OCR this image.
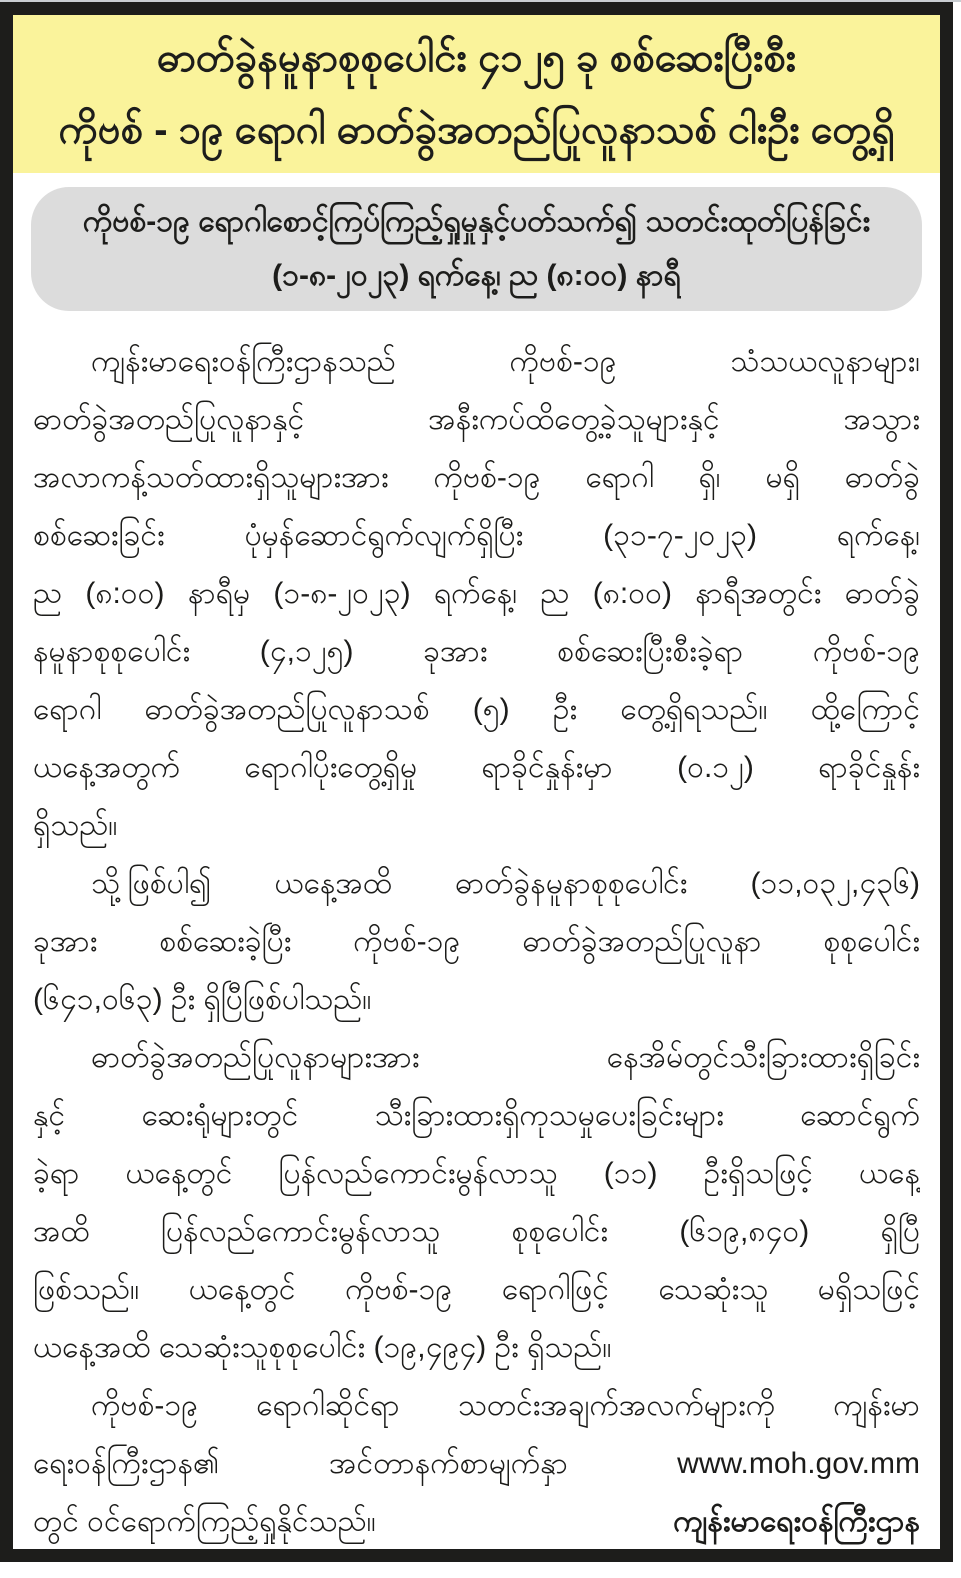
ဓာတ်ခွဲနမူနာစုစုပေါင်း ၄၁၂၅ ခု စစ်ဆေးပြီးစီး
ကိုဗစ် - ၁၉ ရောဂါ ဓာတ်ခွဲအတည်ပြုလူနာသစ် ငါးဦး တွေ့ရှိ
ကိုဗစ်-၁၉ ရောဂါစောင့်ကြပ်ကြည့်ရှုမှုနှင့်ပတ်သက်၍ သတင်းထုတ်ပြန်ခြင်း
(၁-၈-၂၀၂၃) ရက်နေ့၊ ည (၈:၀၀) နာရီ
ကျန်းမာရေးဝန်ကြီးဌာနသည် ကိုဗစ်-၁၉ သံသယလူနာများ၊
ဓာတ်ခွဲအတည်ပြုလူနာနှင့် အနီးကပ်ထိတွေ့ခဲ့သူများနှင့် အသွား
အလာကန့်သတ်ထားရှိသူများအား ကိုဗစ်-၁၉ ရောဂါ ရှိ၊ မရှိ ဓာတ်ခွဲ
စစ်ဆေးခြင်း ပုံမှန်ဆောင်ရွက်လျက်ရှိပြီး (၃၁-၇-၂၀၂၃) ရက်နေ့၊
ည (၈:၀၀) နာရီမှ (၁-၈-၂၀၂၃) ရက်နေ့၊ ည (၈:၀၀) နာရီအတွင်း ဓာတ်ခွဲ
နမူနာစုစုပေါင်း (၄,၁၂၅) ခုအား စစ်ဆေးပြီးစီးခဲ့ရာ ကိုဗစ်-၁၉
ရောဂါ ဓာတ်ခွဲအတည်ပြုလူနာသစ် (၅) ဦး တွေ့ရှိရသည်။ ထို့ကြောင့်
ယနေ့အတွက် ရောဂါပိုးတွေ့ရှိမှု ရာခိုင်နှုန်းမှာ (၀.၁၂) ရာခိုင်နှုန်း
ရှိသည်။
သို့ဖြစ်ပါ၍ ယနေ့အထိ ဓာတ်ခွဲနမူနာစုစုပေါင်း (၁၁,၀၃၂,၄၃၆)
ခုအား စစ်ဆေးခဲ့ပြီး ကိုဗစ်-၁၉ ဓာတ်ခွဲအတည်ပြုလူနာ စုစုပေါင်း
(၆၄၁,၀၆၃) ဦး ရှိပြီဖြစ်ပါသည်။
ဓာတ်ခွဲအတည်ပြုလူနာများအား နေအိမ်တွင်သီးခြားထားရှိခြင်း
နှင့် ဆေးရုံများတွင် သီးခြားထားရှိကုသမှုပေးခြင်းများ ဆောင်ရွက်
ခဲ့ရာ ယနေ့တွင် ပြန်လည်ကောင်းမွန်လာသူ (၁၁) ဦးရှိသဖြင့် ယနေ့
အထိ ပြန်လည်ကောင်းမွန်လာသူ စုစုပေါင်း (၆၁၉,၈၄၀) ရှိပြီ
ဖြစ်သည်။ ယနေ့တွင် ကိုဗစ်-၁၉ ရောဂါဖြင့် သေဆုံးသူ မရှိသဖြင့်
ယနေ့အထိ သေဆုံးသူစုစုပေါင်း (၁၉,၄၉၄) ဦး ရှိသည်။
ကိုဗစ်-၁၉ ရောဂါဆိုင်ရာ သတင်းအချက်အလက်များကို ကျန်းမာ
ရေးဝန်ကြီးဌာန၏ အင်တာနက်စာမျက်နှာ www.moh.gov.mm
တွင် ဝင်ရောက်ကြည့်ရှုနိုင်သည်။	ကျန်းမာရေးဝန်ကြီးဌာန
